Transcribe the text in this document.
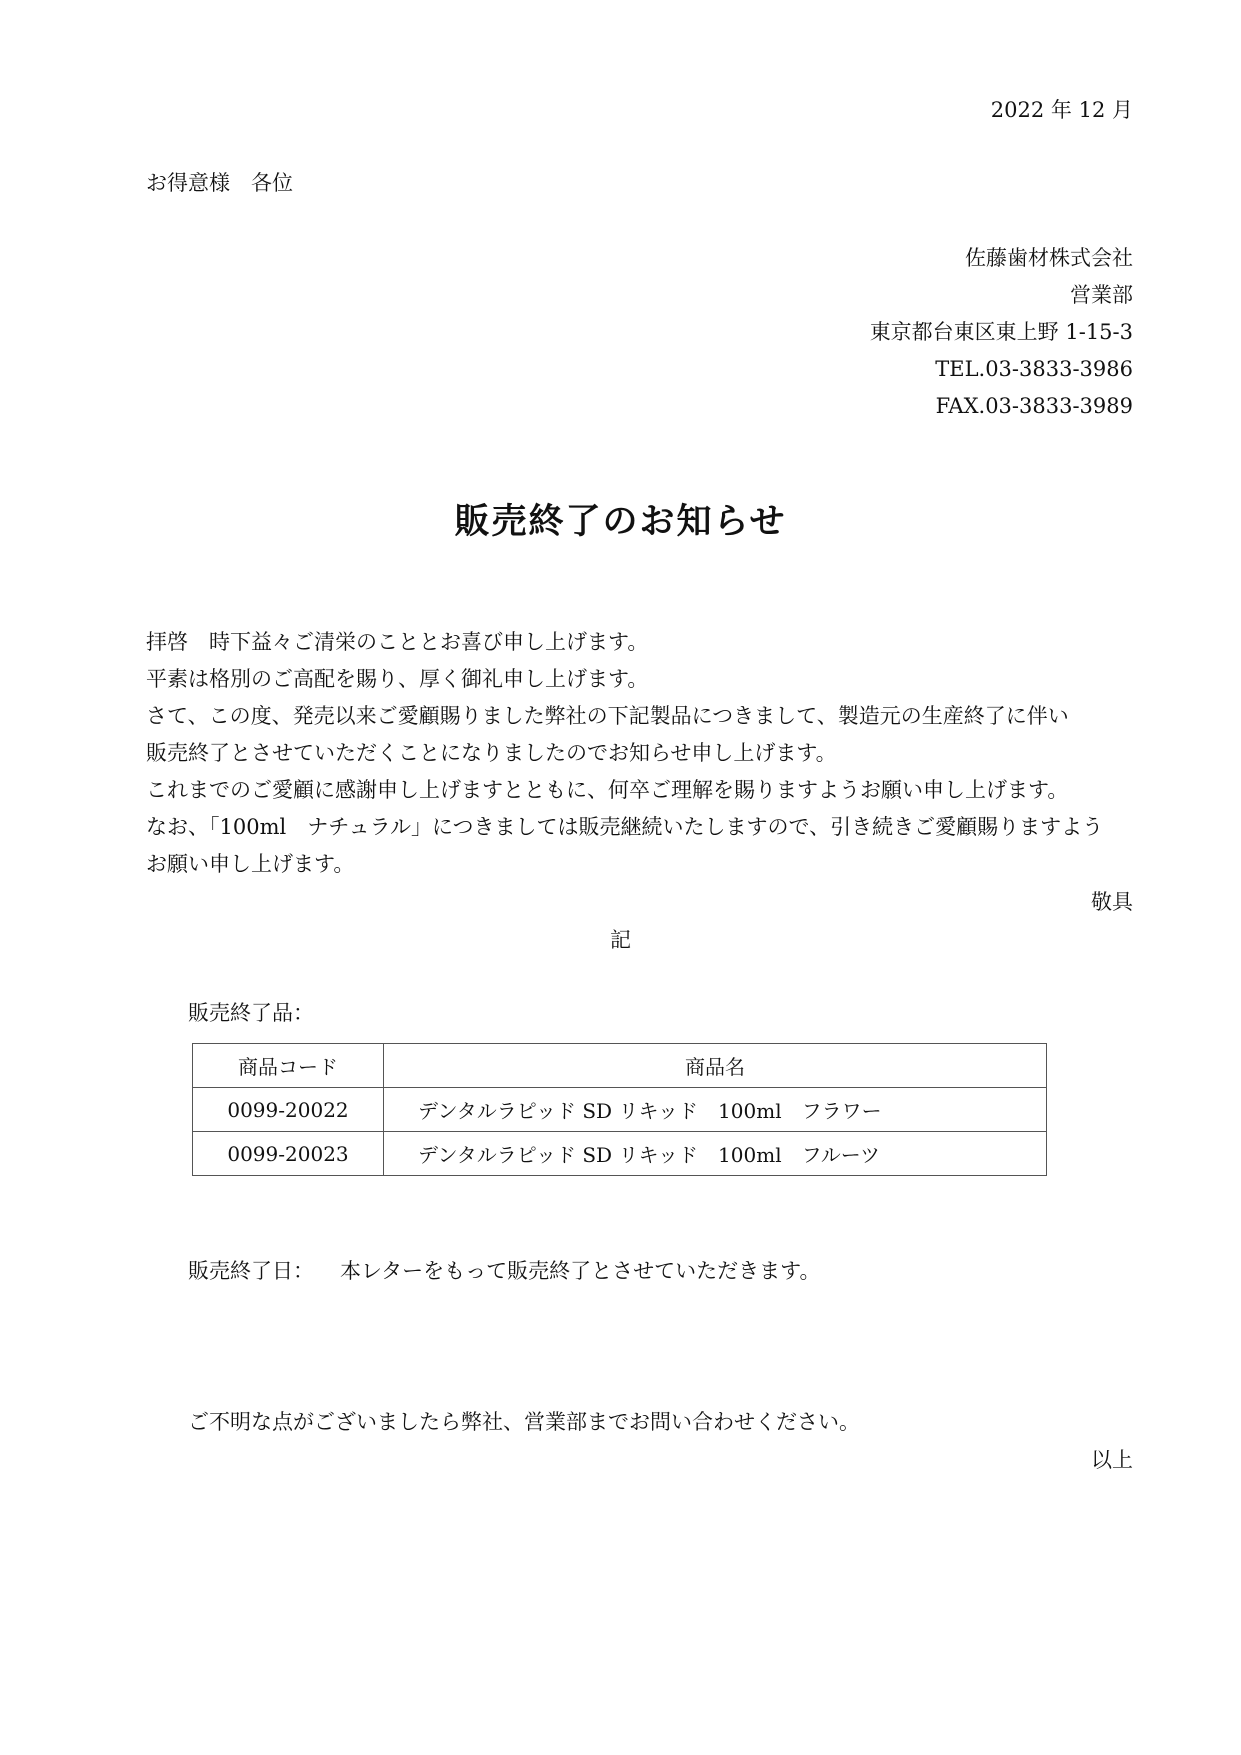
2022 年 12 月
お得意様　各位
佐藤歯材株式会社
営業部
東京都台東区東上野 1-15-3
TEL.03-3833-3986
FAX.03-3833-3989
販売終了のお知らせ
拝啓　時下益々ご清栄のこととお喜び申し上げます。
平素は格別のご高配を賜り、厚く御礼申し上げます。
さて、この度、発売以来ご愛顧賜りました弊社の下記製品につきまして、製造元の生産終了に伴い
販売終了とさせていただくことになりましたのでお知らせ申し上げます。
これまでのご愛顧に感謝申し上げますとともに、何卒ご理解を賜りますようお願い申し上げます。
なお、「100ml　ナチュラル」につきましては販売継続いたしますので、引き続きご愛顧賜りますよう
お願い申し上げます。
敬具
記
販売終了品：
商品コード	商品名
0099-20022	デンタルラピッド SD リキッド　100ml　フラワー
0099-20023	デンタルラピッド SD リキッド　100ml　フルーツ
販売終了日： 本レターをもって販売終了とさせていただきます。
ご不明な点がございましたら弊社、営業部までお問い合わせください。
以上
